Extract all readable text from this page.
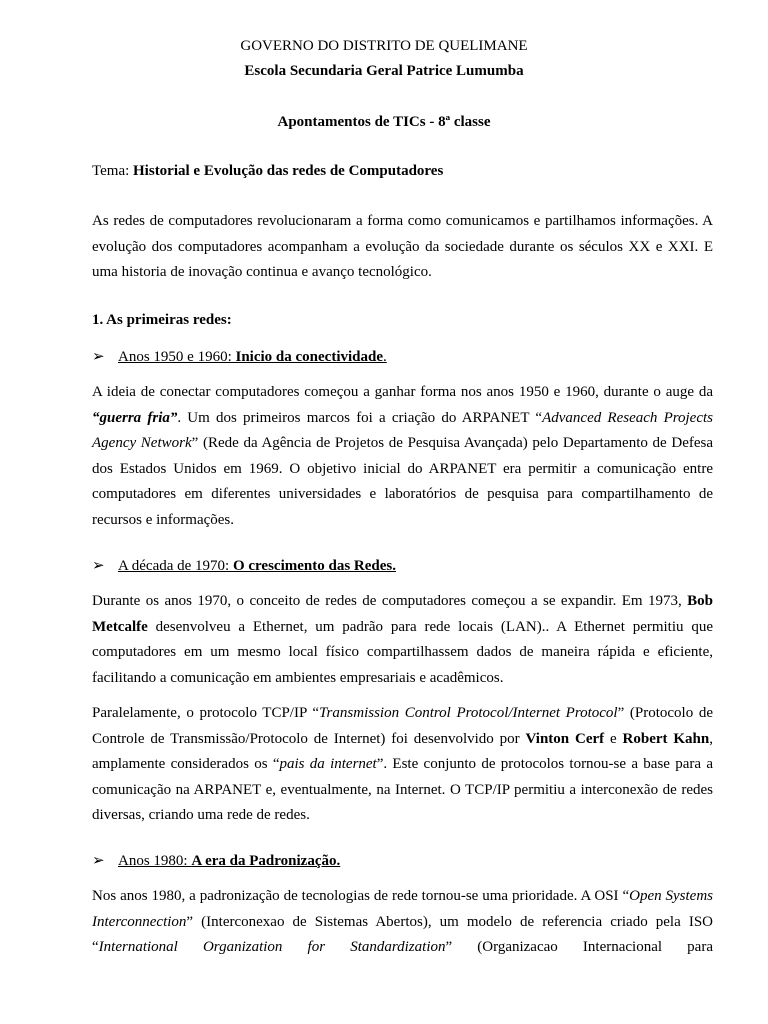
GOVERNO DO DISTRITO DE QUELIMANE
Escola Secundaria Geral Patrice Lumumba
Apontamentos de TICs - 8ª classe
Tema: Historial e Evolução das redes de Computadores

As redes de computadores revolucionaram a forma como comunicamos e partilhamos informações. A evolução dos computadores acompanham a evolução da sociedade durante os séculos XX e XXI. E uma historia de inovação continua e avanço tecnológico.

1. As primeiras redes:
➢ Anos 1950 e 1960: Inicio da conectividade.

A ideia de conectar computadores começou a ganhar forma nos anos 1950 e 1960, durante o auge da “guerra fria”. Um dos primeiros marcos foi a criação do ARPANET “Advanced Reseach Projects Agency Network” (Rede da Agência de Projetos de Pesquisa Avançada) pelo Departamento de Defesa dos Estados Unidos em 1969. O objetivo inicial do ARPANET era permitir a comunicação entre computadores em diferentes universidades e laboratórios de pesquisa para compartilhamento de recursos e informações.

➢ A década de 1970: O crescimento das Redes.

Durante os anos 1970, o conceito de redes de computadores começou a se expandir. Em 1973, Bob Metcalfe desenvolveu a Ethernet, um padrão para rede locais (LAN).. A Ethernet permitiu que computadores em um mesmo local físico compartilhassem dados de maneira rápida e eficiente, facilitando a comunicação em ambientes empresariais e acadêmicos.

Paralelamente, o protocolo TCP/IP “Transmission Control Protocol/Internet Protocol” (Protocolo de Controle de Transmissão/Protocolo de Internet) foi desenvolvido por Vinton Cerf e Robert Kahn, amplamente considerados os “pais da internet”. Este conjunto de protocolos tornou-se a base para a comunicação na ARPANET e, eventualmente, na Internet. O TCP/IP permitiu a interconexão de redes diversas, criando uma rede de redes.

➢ Anos 1980: A era da Padronização.

Nos anos 1980, a padronização de tecnologias de rede tornou-se uma prioridade. A OSI “Open Systems Interconnection” (Interconexao de Sistemas Abertos), um modelo de referencia criado pela ISO “International Organization for Standardization” (Organizacao Internacional para
